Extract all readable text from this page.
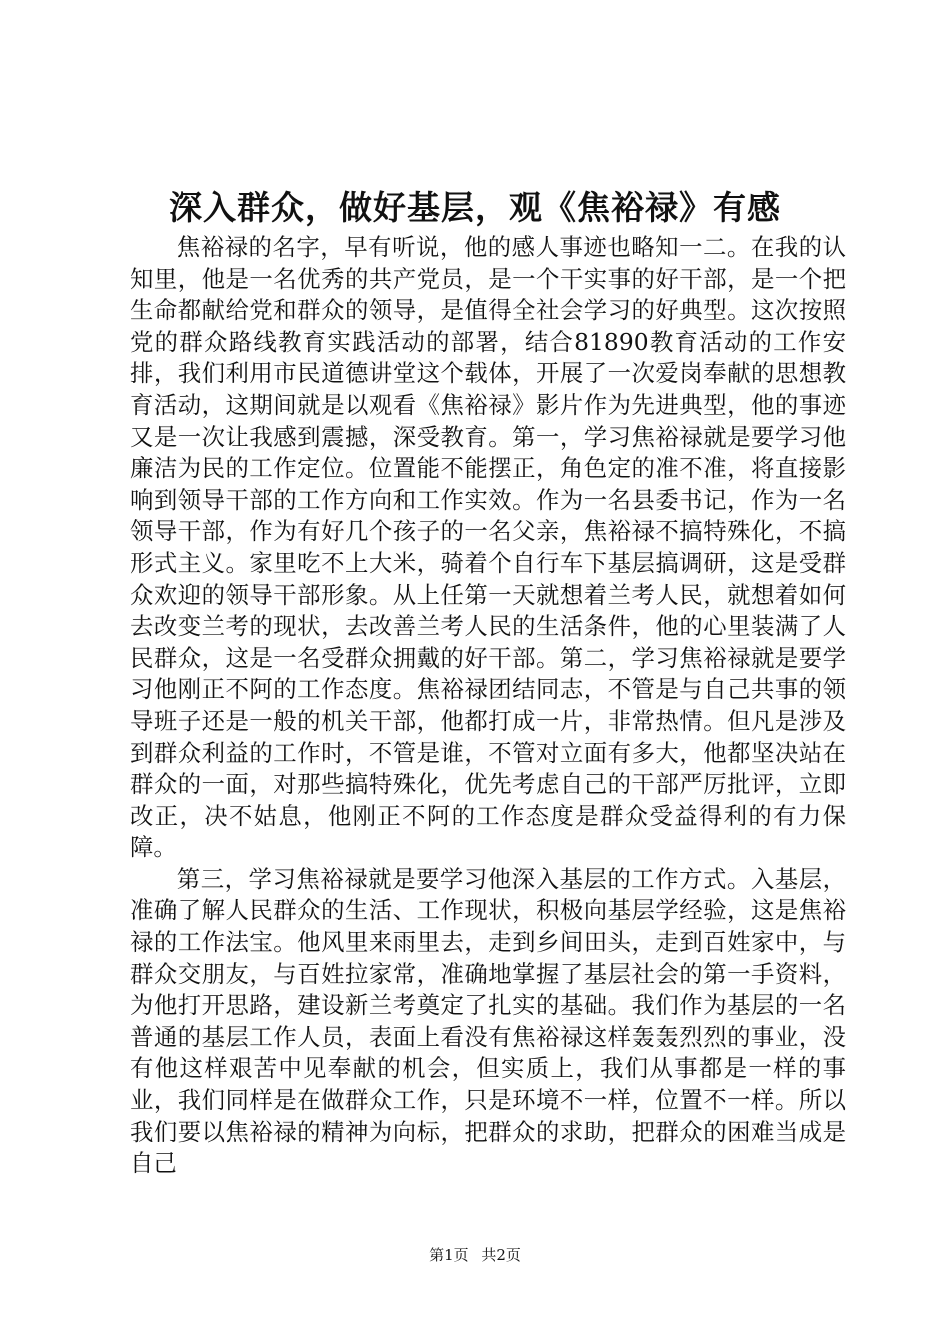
深入群众，做好基层，观《焦裕禄》有感

焦裕禄的名字，早有听说，他的感人事迹也略知一二。在我的认知里，他是一名优秀的共产党员，是一个干实事的好干部，是一个把生命都献给党和群众的领导，是值得全社会学习的好典型。这次按照党的群众路线教育实践活动的部署，结合81890教育活动的工作安排，我们利用市民道德讲堂这个载体，开展了一次爱岗奉献的思想教育活动，这期间就是以观看《焦裕禄》影片作为先进典型，他的事迹又是一次让我感到震撼，深受教育。第一，学习焦裕禄就是要学习他廉洁为民的工作定位。位置能不能摆正，角色定的准不准，将直接影响到领导干部的工作方向和工作实效。作为一名县委书记，作为一名领导干部，作为有好几个孩子的一名父亲，焦裕禄不搞特殊化，不搞形式主义。家里吃不上大米，骑着个自行车下基层搞调研，这是受群众欢迎的领导干部形象。从上任第一天就想着兰考人民，就想着如何去改变兰考的现状，去改善兰考人民的生活条件，他的心里装满了人民群众，这是一名受群众拥戴的好干部。第二，学习焦裕禄就是要学习他刚正不阿的工作态度。焦裕禄团结同志，不管是与自己共事的领导班子还是一般的机关干部，他都打成一片，非常热情。但凡是涉及到群众利益的工作时，不管是谁，不管对立面有多大，他都坚决站在群众的一面，对那些搞特殊化，优先考虑自己的干部严厉批评，立即改正，决不姑息，他刚正不阿的工作态度是群众受益得利的有力保障。

第三，学习焦裕禄就是要学习他深入基层的工作方式。入基层，准确了解人民群众的生活、工作现状，积极向基层学经验，这是焦裕禄的工作法宝。他风里来雨里去，走到乡间田头，走到百姓家中，与群众交朋友，与百姓拉家常，准确地掌握了基层社会的第一手资料，为他打开思路，建设新兰考奠定了扎实的基础。我们作为基层的一名普通的基层工作人员，表面上看没有焦裕禄这样轰轰烈烈的事业，没有他这样艰苦中见奉献的机会，但实质上，我们从事都是一样的事业，我们同样是在做群众工作，只是环境不一样，位置不一样。所以我们要以焦裕禄的精神为向标，把群众的求助，把群众的困难当成是自己

第1页 共2页
